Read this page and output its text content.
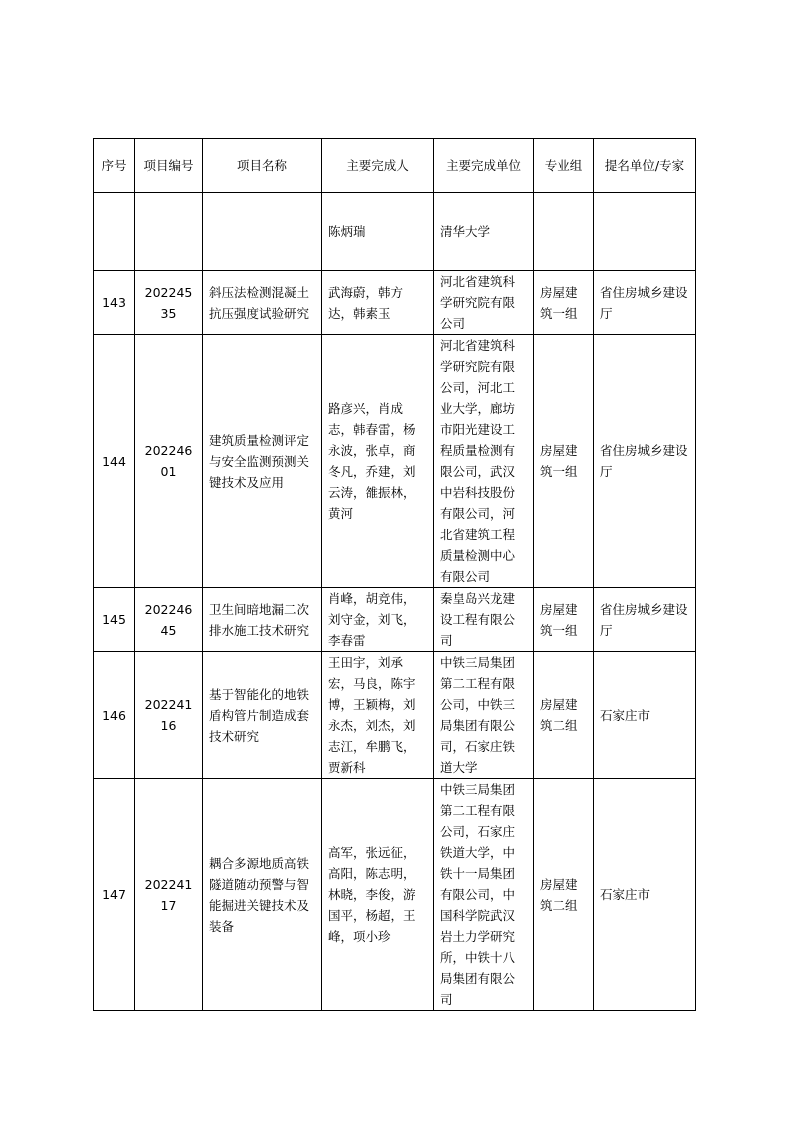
序号	项目编号	项目名称	主要完成人	主要完成单位	专业组	提名单位/专家
			陈炳瑞	清华大学		
143	20224535	斜压法检测混凝土抗压强度试验研究	武海蔚，韩方达，韩素玉	河北省建筑科学研究院有限公司	房屋建筑一组	省住房城乡建设厅
144	20224601	建筑质量检测评定与安全监测预测关键技术及应用	路彦兴，肖成志，韩春雷，杨永波，张卓，商冬凡，乔建，刘云涛，雒振林，黄河	河北省建筑科学研究院有限公司，河北工业大学，廊坊市阳光建设工程质量检测有限公司，武汉中岩科技股份有限公司，河北省建筑工程质量检测中心有限公司	房屋建筑一组	省住房城乡建设厅
145	20224645	卫生间暗地漏二次排水施工技术研究	肖峰，胡竞伟，刘守金，刘飞，李春雷	秦皇岛兴龙建设工程有限公司	房屋建筑一组	省住房城乡建设厅
146	20224116	基于智能化的地铁盾构管片制造成套技术研究	王田宇，刘承宏，马良，陈宇博，王颖梅，刘永杰，刘杰，刘志江，牟鹏飞，贾新科	中铁三局集团第二工程有限公司，中铁三局集团有限公司，石家庄铁道大学	房屋建筑二组	石家庄市
147	20224117	耦合多源地质高铁隧道随动预警与智能掘进关键技术及装备	高军，张远征，高阳，陈志明，林晓，李俊，游国平，杨超，王峰，项小珍	中铁三局集团第二工程有限公司，石家庄铁道大学，中铁十一局集团有限公司，中国科学院武汉岩土力学研究所，中铁十八局集团有限公司	房屋建筑二组	石家庄市
